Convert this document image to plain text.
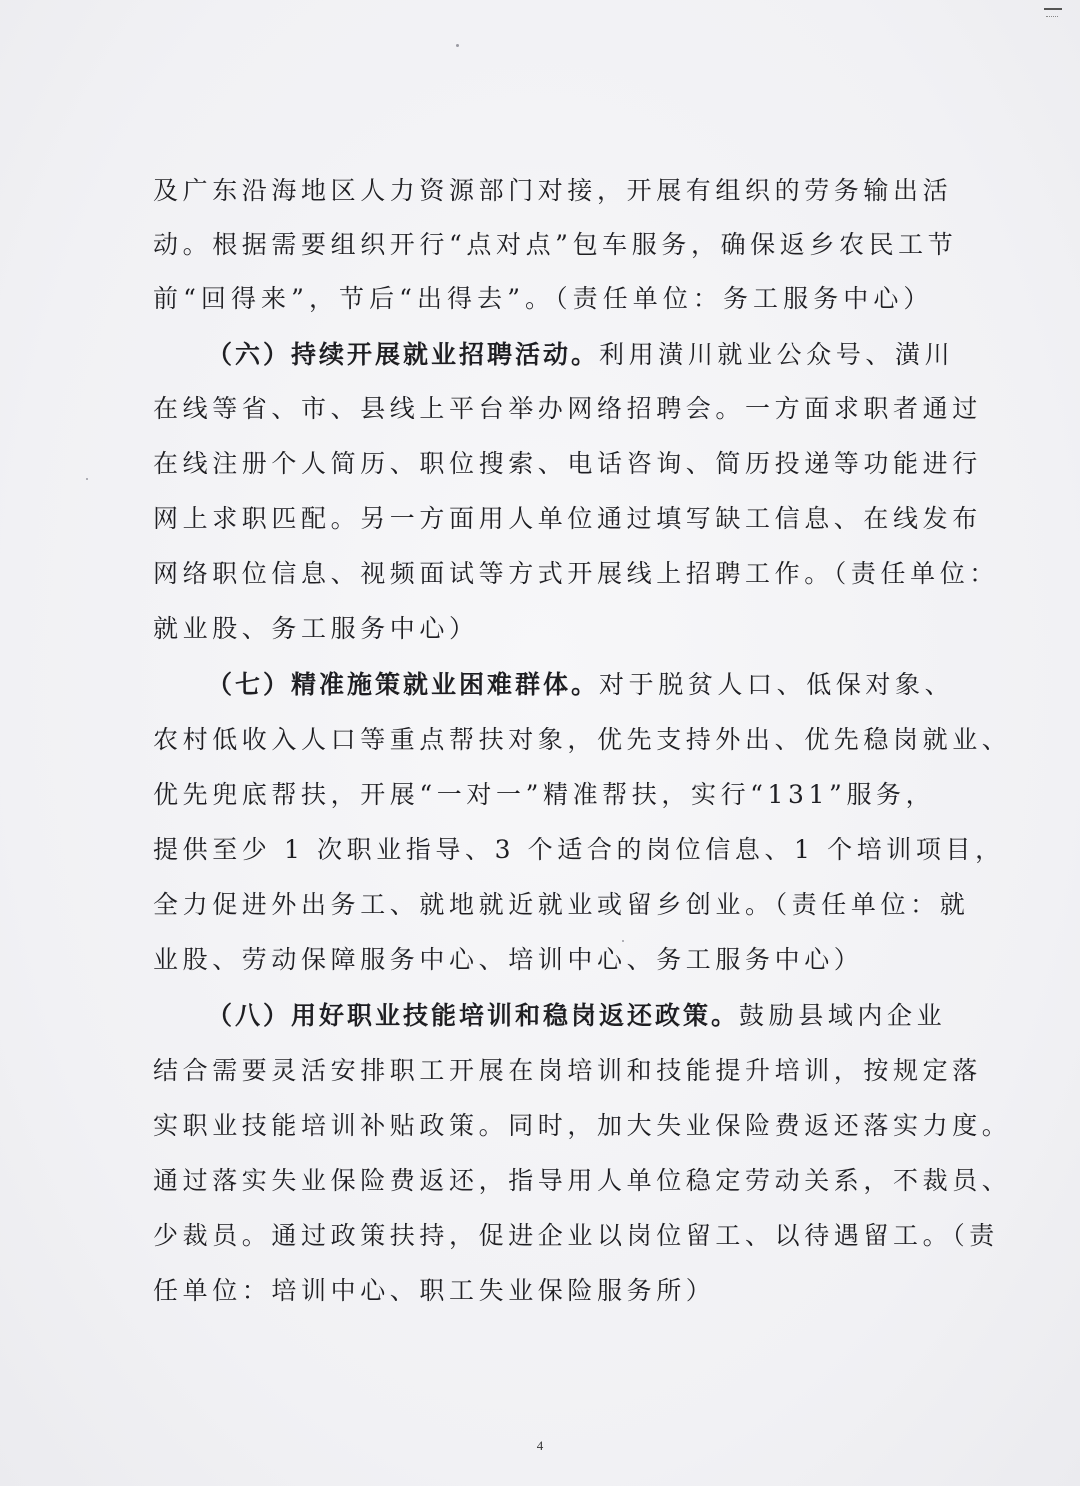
及广东沿海地区人力资源部门对接，开展有组织的劳务输出活
动。根据需要组织开行“点对点”包车服务，确保返乡农民工节
前“回得来”，节后“出得去”。（责任单位：务工服务中心）
（六）持续开展就业招聘活动。利用潢川就业公众号、潢川
在线等省、市、县线上平台举办网络招聘会。一方面求职者通过
在线注册个人简历、职位搜索、电话咨询、简历投递等功能进行
网上求职匹配。另一方面用人单位通过填写缺工信息、在线发布
网络职位信息、视频面试等方式开展线上招聘工作。（责任单位：
就业股、务工服务中心）
（七）精准施策就业困难群体。对于脱贫人口、低保对象、
农村低收入人口等重点帮扶对象，优先支持外出、优先稳岗就业、
优先兜底帮扶，开展“一对一”精准帮扶，实行“131”服务，
提供至少 1 次职业指导、3 个适合的岗位信息、1 个培训项目，
全力促进外出务工、就地就近就业或留乡创业。（责任单位：就
业股、劳动保障服务中心、培训中心、务工服务中心）
（八）用好职业技能培训和稳岗返还政策。鼓励县域内企业
结合需要灵活安排职工开展在岗培训和技能提升培训，按规定落
实职业技能培训补贴政策。同时，加大失业保险费返还落实力度。
通过落实失业保险费返还，指导用人单位稳定劳动关系，不裁员、
少裁员。通过政策扶持，促进企业以岗位留工、以待遇留工。（责
任单位：培训中心、职工失业保险服务所）
4
